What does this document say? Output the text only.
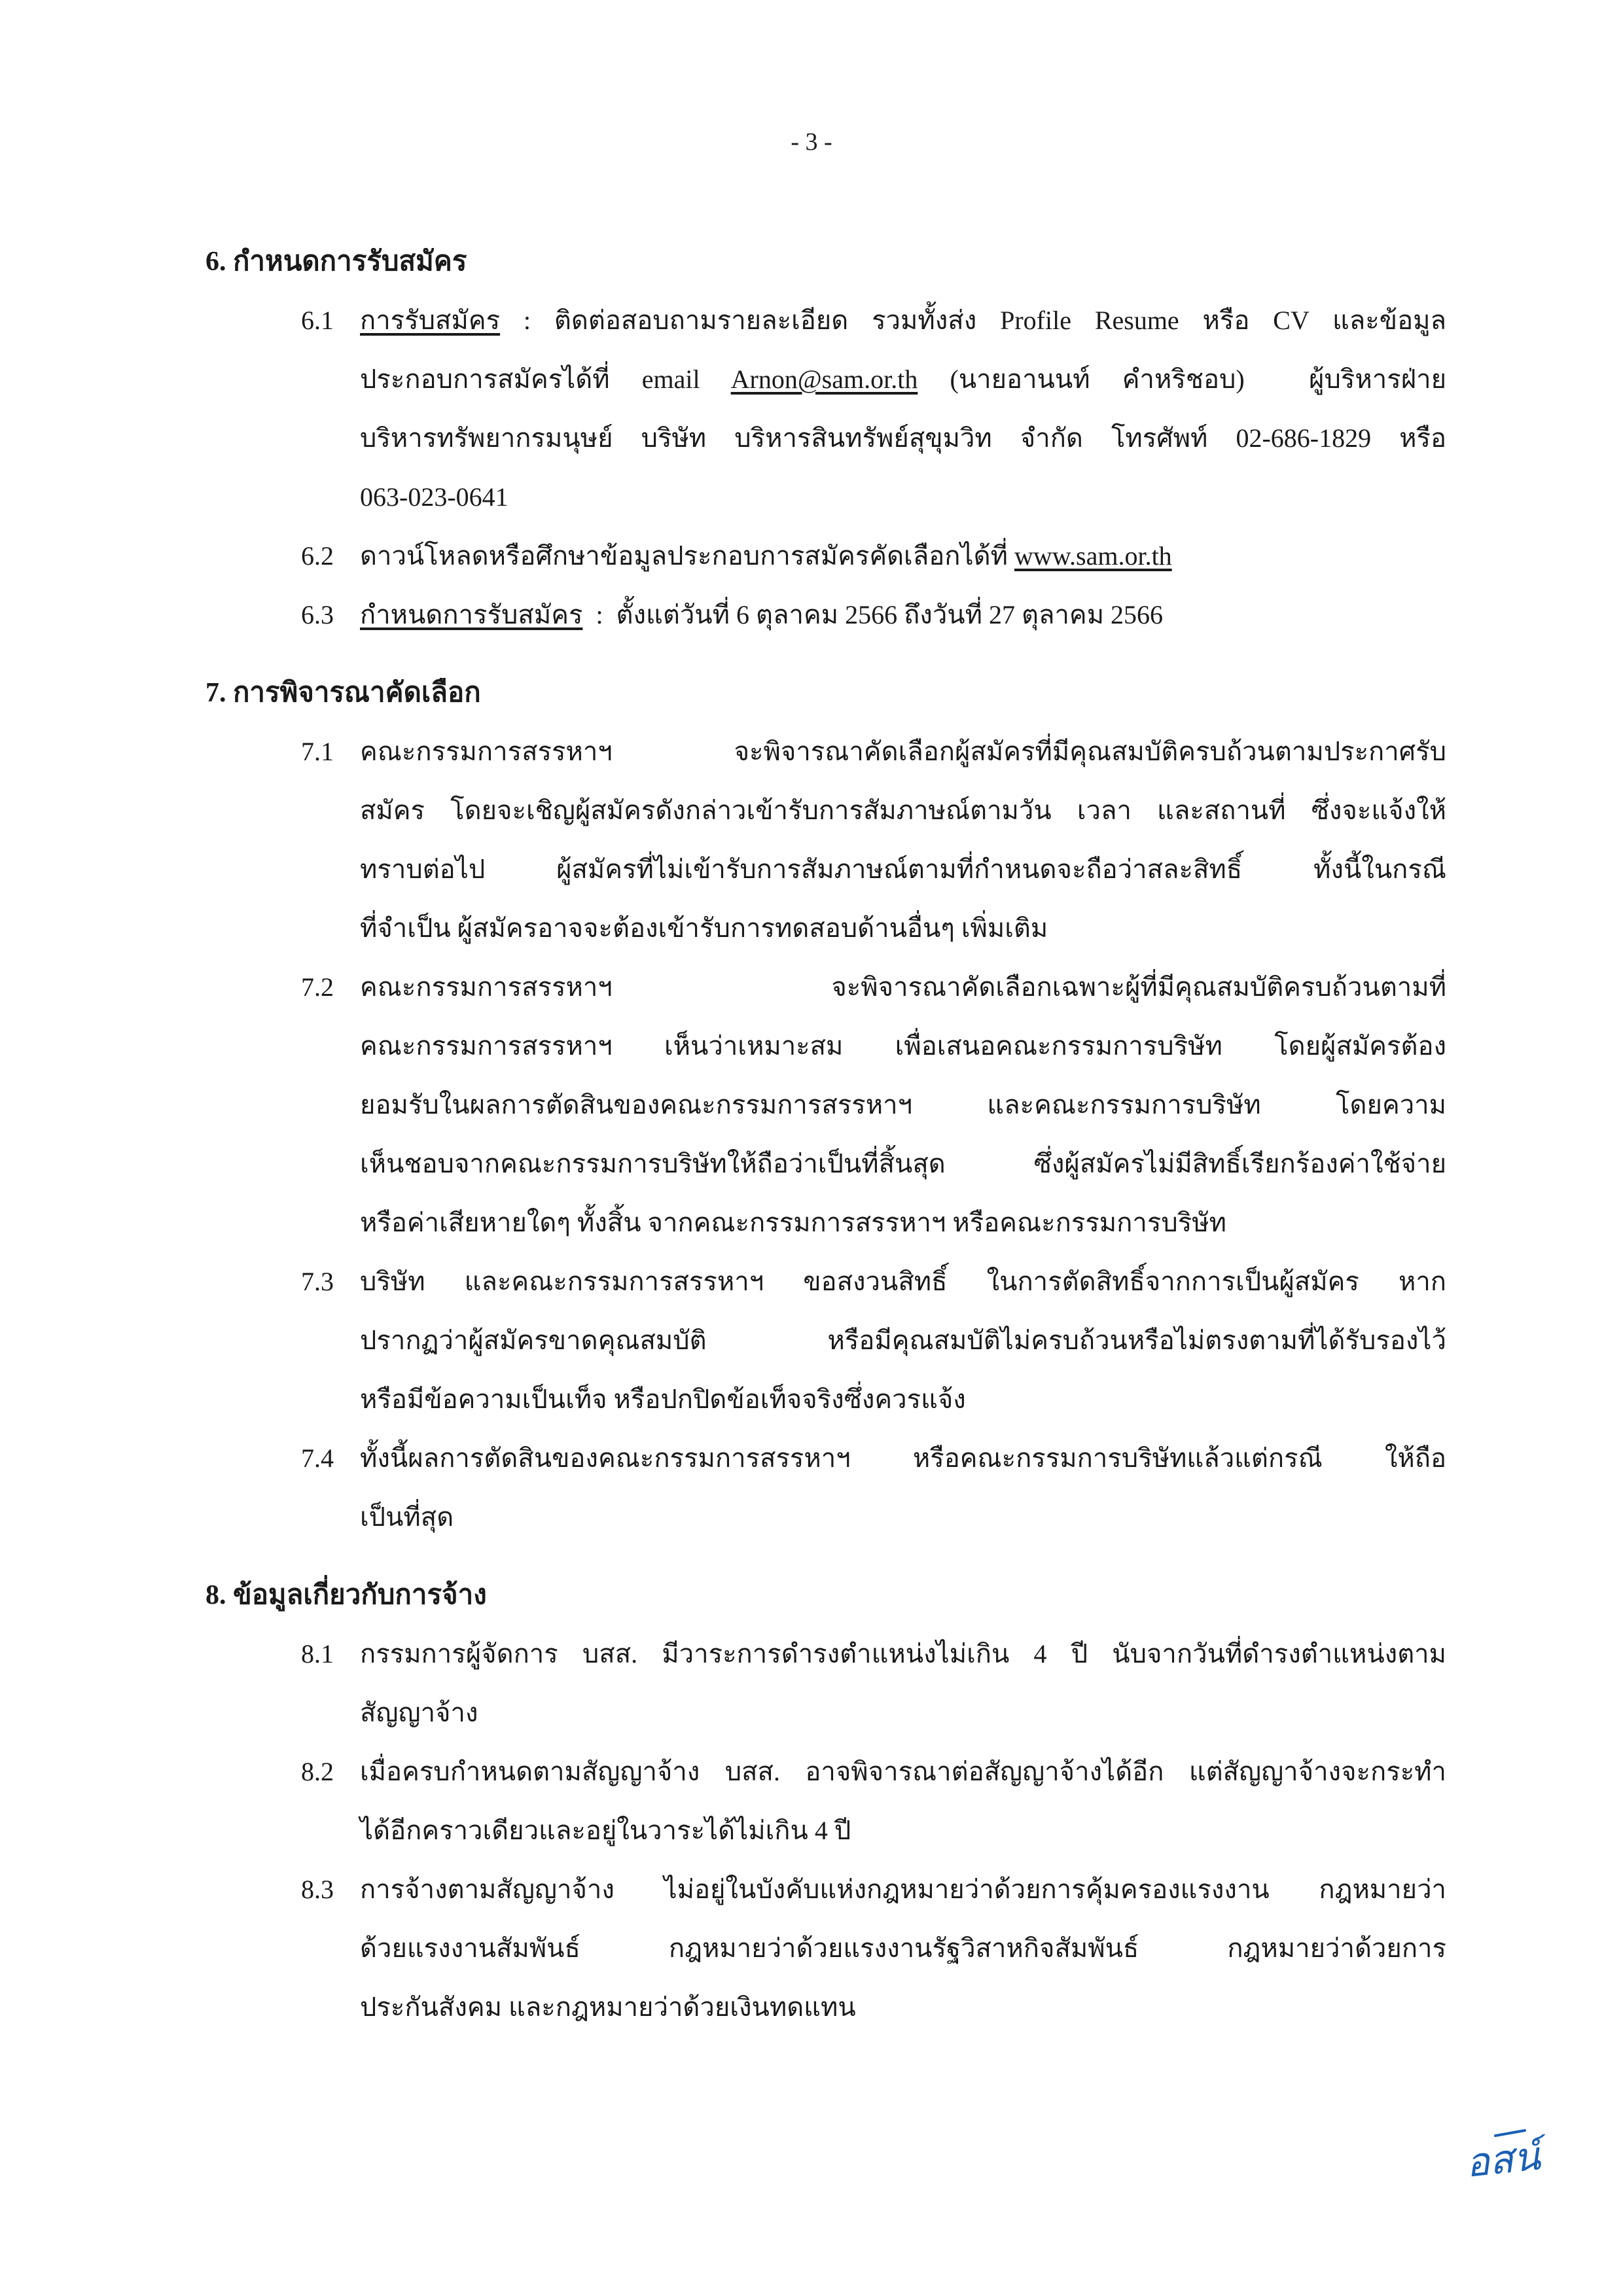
- 3 -
6. กำหนดการรับสมัคร
6.1 การรับสมัคร : ติดต่อสอบถามรายละเอียด รวมทั้งส่ง Profile Resume หรือ CV และข้อมูล
ประกอบการสมัครได้ที่ email Arnon@sam.or.th (นายอานนท์ คำหริชอบ)  ผู้บริหารฝ่าย
บริหารทรัพยากรมนุษย์ บริษัท บริหารสินทรัพย์สุขุมวิท จำกัด โทรศัพท์ 02-686-1829 หรือ
063-023-0641
6.2 ดาวน์โหลดหรือศึกษาข้อมูลประกอบการสมัครคัดเลือกได้ที่ www.sam.or.th
6.3 กำหนดการรับสมัคร  :  ตั้งแต่วันที่ 6 ตุลาคม 2566 ถึงวันที่ 27 ตุลาคม 2566
7. การพิจารณาคัดเลือก
7.1 คณะกรรมการสรรหาฯ จะพิจารณาคัดเลือกผู้สมัครที่มีคุณสมบัติครบถ้วนตามประกาศรับ
สมัคร โดยจะเชิญผู้สมัครดังกล่าวเข้ารับการสัมภาษณ์ตามวัน เวลา และสถานที่ ซึ่งจะแจ้งให้
ทราบต่อไป ผู้สมัครที่ไม่เข้ารับการสัมภาษณ์ตามที่กำหนดจะถือว่าสละสิทธิ์ ทั้งนี้ในกรณี
ที่จำเป็น ผู้สมัครอาจจะต้องเข้ารับการทดสอบด้านอื่นๆ เพิ่มเติม
7.2 คณะกรรมการสรรหาฯ จะพิจารณาคัดเลือกเฉพาะผู้ที่มีคุณสมบัติครบถ้วนตามที่
คณะกรรมการสรรหาฯ เห็นว่าเหมาะสม เพื่อเสนอคณะกรรมการบริษัท โดยผู้สมัครต้อง
ยอมรับในผลการตัดสินของคณะกรรมการสรรหาฯ และคณะกรรมการบริษัท โดยความ
เห็นชอบจากคณะกรรมการบริษัทให้ถือว่าเป็นที่สิ้นสุด ซึ่งผู้สมัครไม่มีสิทธิ์เรียกร้องค่าใช้จ่าย
หรือค่าเสียหายใดๆ ทั้งสิ้น จากคณะกรรมการสรรหาฯ หรือคณะกรรมการบริษัท
7.3 บริษัท และคณะกรรมการสรรหาฯ ขอสงวนสิทธิ์ ในการตัดสิทธิ์จากการเป็นผู้สมัคร หาก
ปรากฏว่าผู้สมัครขาดคุณสมบัติ หรือมีคุณสมบัติไม่ครบถ้วนหรือไม่ตรงตามที่ได้รับรองไว้
หรือมีข้อความเป็นเท็จ หรือปกปิดข้อเท็จจริงซึ่งควรแจ้ง
7.4 ทั้งนี้ผลการตัดสินของคณะกรรมการสรรหาฯ หรือคณะกรรมการบริษัทแล้วแต่กรณี ให้ถือ
เป็นที่สุด
8. ข้อมูลเกี่ยวกับการจ้าง
8.1 กรรมการผู้จัดการ บสส. มีวาระการดำรงตำแหน่งไม่เกิน 4 ปี นับจากวันที่ดำรงตำแหน่งตาม
สัญญาจ้าง
8.2 เมื่อครบกำหนดตามสัญญาจ้าง บสส. อาจพิจารณาต่อสัญญาจ้างได้อีก แต่สัญญาจ้างจะกระทำ
ได้อีกคราวเดียวและอยู่ในวาระได้ไม่เกิน 4 ปี
8.3 การจ้างตามสัญญาจ้าง ไม่อยู่ในบังคับแห่งกฎหมายว่าด้วยการคุ้มครองแรงงาน กฎหมายว่า
ด้วยแรงงานสัมพันธ์ กฎหมายว่าด้วยแรงงานรัฐวิสาหกิจสัมพันธ์ กฎหมายว่าด้วยการ
ประกันสังคม และกฎหมายว่าด้วยเงินทดแทน
อสน์
